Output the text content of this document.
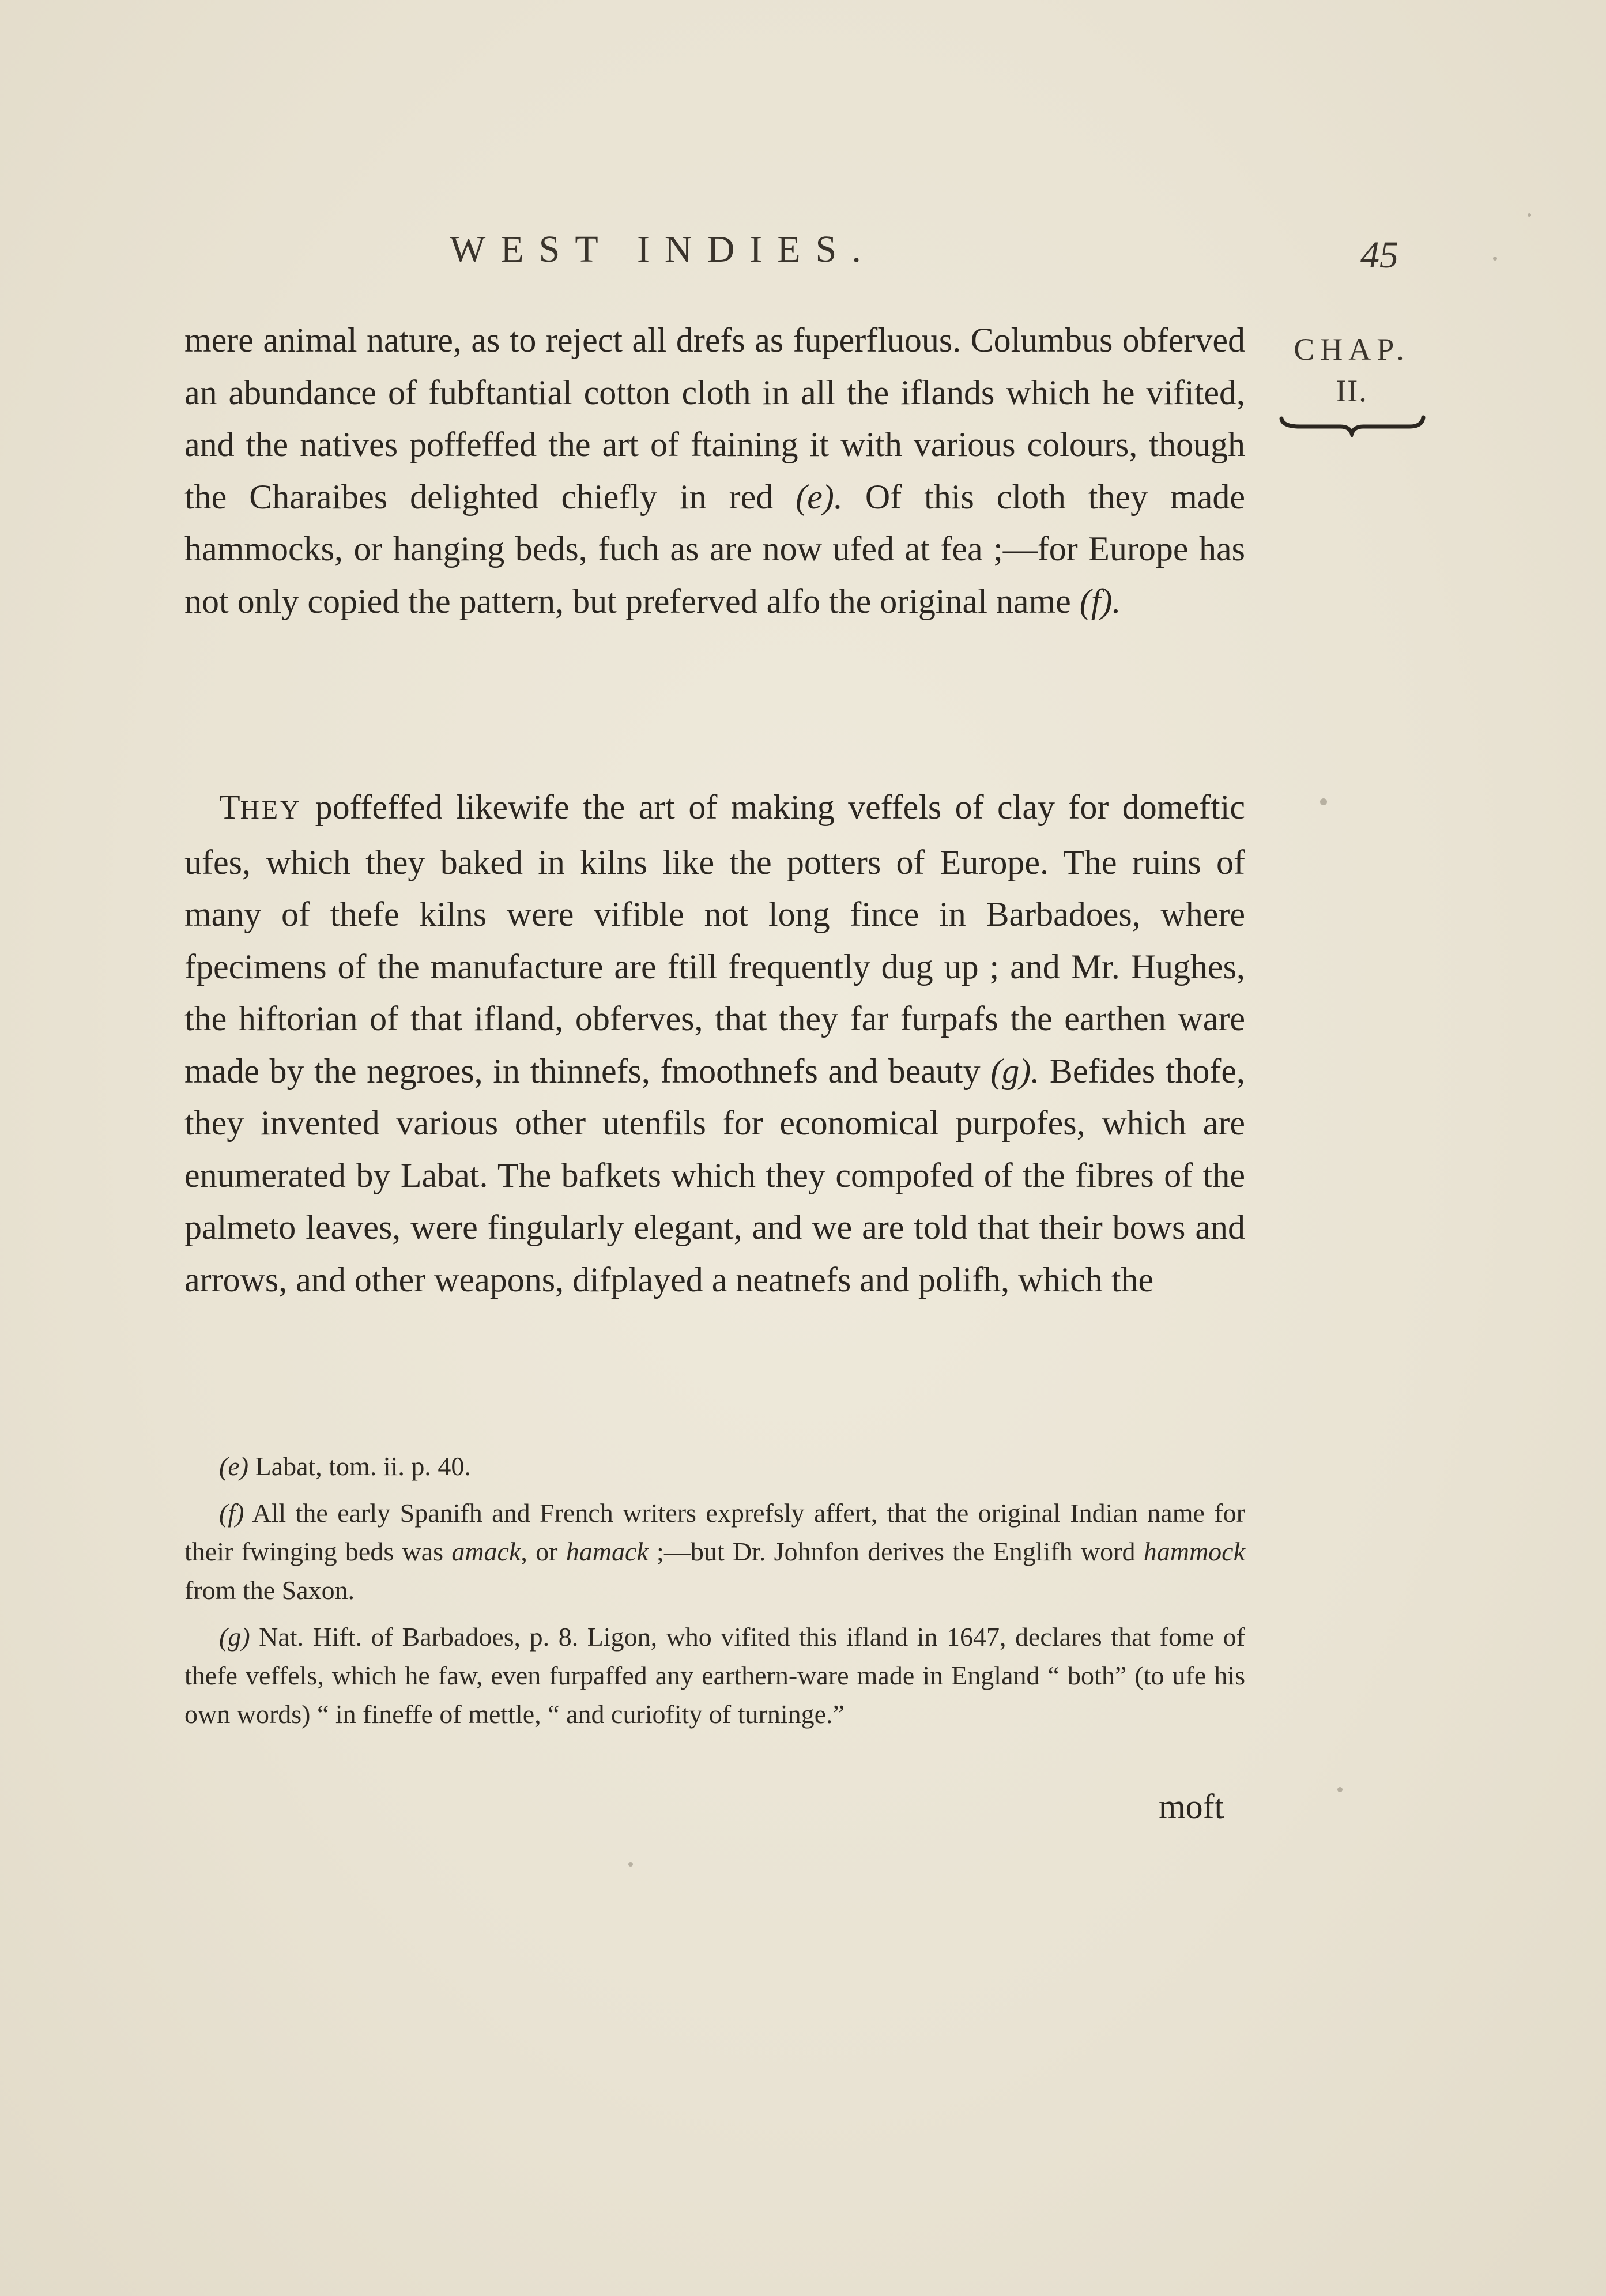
WEST INDIES.	45
CHAP.
II.

mere animal nature, as to reject all drefs as fuperfluous. Columbus obferved an abundance of fubftantial cotton cloth in all the iflands which he vifited, and the natives poffeffed the art of ftaining it with various colours, though the Charaibes delighted chiefly in red (e). Of this cloth they made hammocks, or hanging beds, fuch as are now ufed at fea ;—for Europe has not only copied the pattern, but preferved alfo the original name (f).

THEY poffeffed likewife the art of making veffels of clay for domeftic ufes, which they baked in kilns like the potters of Europe. The ruins of many of thefe kilns were vifible not long fince in Barbadoes, where fpecimens of the manufacture are ftill frequently dug up ; and Mr. Hughes, the hiftorian of that ifland, obferves, that they far furpafs the earthen ware made by the negroes, in thinnefs, fmoothnefs and beauty (g). Befides thofe, they invented various other utenfils for economical purpofes, which are enumerated by Labat. The bafkets which they compofed of the fibres of the palmeto leaves, were fingularly elegant, and we are told that their bows and arrows, and other weapons, difplayed a neatnefs and polifh, which the

(e) Labat, tom. ii. p. 40.

(f) All the early Spanifh and French writers exprefsly affert, that the original Indian name for their fwinging beds was amack, or hamack ;—but Dr. Johnfon derives the Englifh word hammock from the Saxon.

(g) Nat. Hift. of Barbadoes, p. 8. Ligon, who vifited this ifland in 1647, declares that fome of thefe veffels, which he faw, even furpaffed any earthern-ware made in England “ both” (to ufe his own words) “ in fineffe of mettle, “ and curiofity of turninge.”

moft
